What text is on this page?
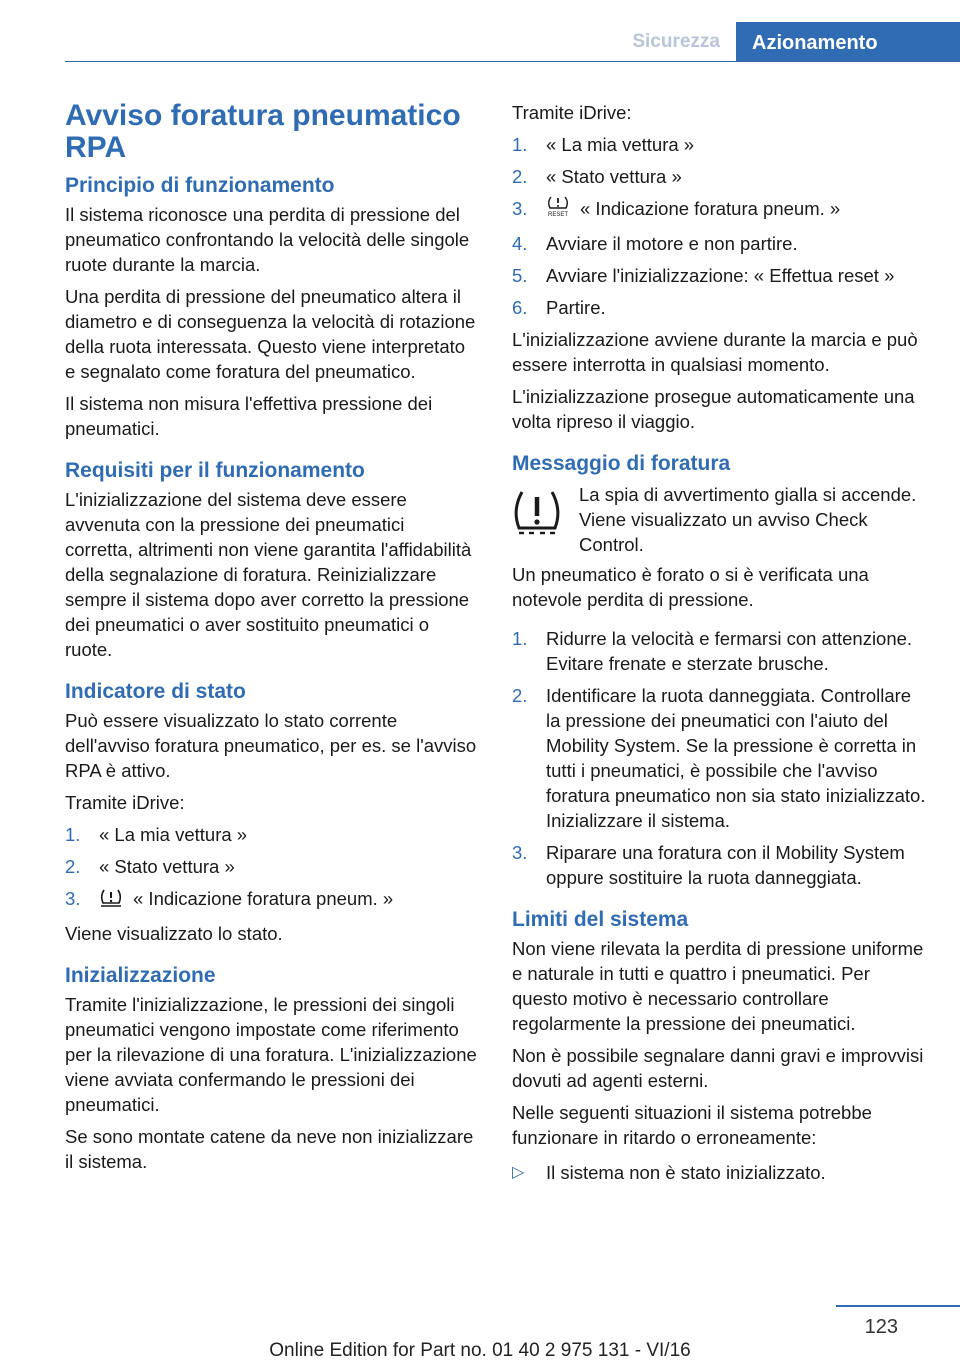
Sicurezza	Azionamento
Avviso foratura pneumatico RPA
Principio di funzionamento

Il sistema riconosce una perdita di pressione del pneumatico confrontando la velocità delle singole ruote durante la marcia.

Una perdita di pressione del pneumatico altera il diametro e di conseguenza la velocità di rotazione della ruota interessata. Questo viene interpretato e segnalato come foratura del pneumatico.

Il sistema non misura l'effettiva pressione dei pneumatici.

Requisiti per il funzionamento

L'inizializzazione del sistema deve essere avvenuta con la pressione dei pneumatici corretta, altrimenti non viene garantita l'affidabilità della segnalazione di foratura. Reinizializzare sempre il sistema dopo aver corretto la pressione dei pneumatici o aver sostituito pneumatici o ruote.

Indicatore di stato

Può essere visualizzato lo stato corrente dell'avviso foratura pneumatico, per es. se l'avviso RPA è attivo.

Tramite iDrive:

1. « La mia vettura »
2. « Stato vettura »
3.	« Indicazione foratura pneum. »

Viene visualizzato lo stato.

Inizializzazione

Tramite l'inizializzazione, le pressioni dei singoli pneumatici vengono impostate come riferimento per la rilevazione di una foratura. L'inizializzazione viene avviata confermando le pressioni dei pneumatici.

Se sono montate catene da neve non inizializzare il sistema.

Tramite iDrive:

1. « La mia vettura »
2. « Stato vettura »
3.	RESET « Indicazione foratura pneum. »
4. Avviare il motore e non partire.
5. Avviare l'inizializzazione: « Effettua reset »
6. Partire.

L'inizializzazione avviene durante la marcia e può essere interrotta in qualsiasi momento.

L'inizializzazione prosegue automaticamente una volta ripreso il viaggio.

Messaggio di foratura

La spia di avvertimento gialla si accende. Viene visualizzato un avviso Check Control.

Un pneumatico è forato o si è verificata una notevole perdita di pressione.

1. Ridurre la velocità e fermarsi con attenzione. Evitare frenate e sterzate brusche.
2. Identificare la ruota danneggiata. Controllare la pressione dei pneumatici con l'aiuto del Mobility System. Se la pressione è corretta in tutti i pneumatici, è possibile che l'avviso foratura pneumatico non sia stato inizializzato. Inizializzare il sistema.
3. Riparare una foratura con il Mobility System oppure sostituire la ruota danneggiata.
Limiti del sistema

Non viene rilevata la perdita di pressione uniforme e naturale in tutti e quattro i pneumatici. Per questo motivo è necessario controllare regolarmente la pressione dei pneumatici.

Non è possibile segnalare danni gravi e improvvisi dovuti ad agenti esterni.

Nelle seguenti situazioni il sistema potrebbe funzionare in ritardo o erroneamente:

▷ Il sistema non è stato inizializzato.
123
Online Edition for Part no. 01 40 2 975 131 - VI/16
